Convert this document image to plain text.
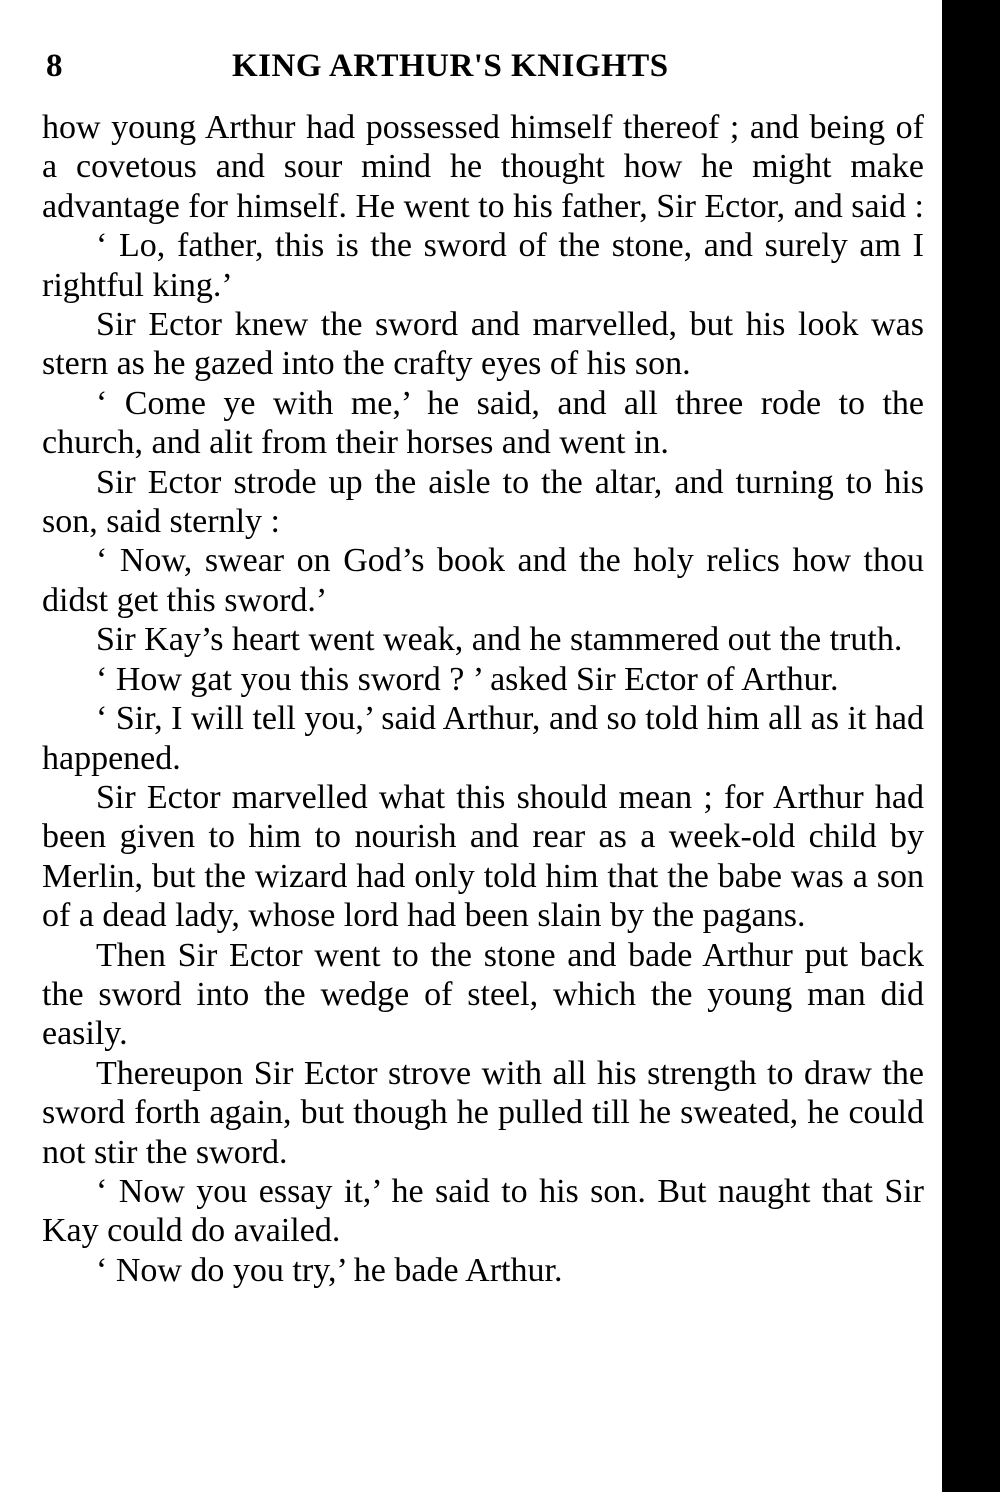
8	KING ARTHUR'S KNIGHTS

how young Arthur had possessed himself thereof ; and being of a covetous and sour mind he thought how he might make advantage for himself. He went to his father, Sir Ector, and said :

‘ Lo, father, this is the sword of the stone, and surely am I rightful king.’

Sir Ector knew the sword and marvelled, but his look was stern as he gazed into the crafty eyes of his son.

‘ Come ye with me,’ he said, and all three rode to the church, and alit from their horses and went in.

Sir Ector strode up the aisle to the altar, and turning to his son, said sternly :

‘ Now, swear on God’s book and the holy relics how thou didst get this sword.’

Sir Kay’s heart went weak, and he stammered out the truth.

‘ How gat you this sword ? ’ asked Sir Ector of Arthur.

‘ Sir, I will tell you,’ said Arthur, and so told him all as it had happened.

Sir Ector marvelled what this should mean ; for Arthur had been given to him to nourish and rear as a week-old child by Merlin, but the wizard had only told him that the babe was a son of a dead lady, whose lord had been slain by the pagans.

Then Sir Ector went to the stone and bade Arthur put back the sword into the wedge of steel, which the young man did easily.

Thereupon Sir Ector strove with all his strength to draw the sword forth again, but though he pulled till he sweated, he could not stir the sword.

‘ Now you essay it,’ he said to his son. But naught that Sir Kay could do availed.

‘ Now do you try,’ he bade Arthur.
